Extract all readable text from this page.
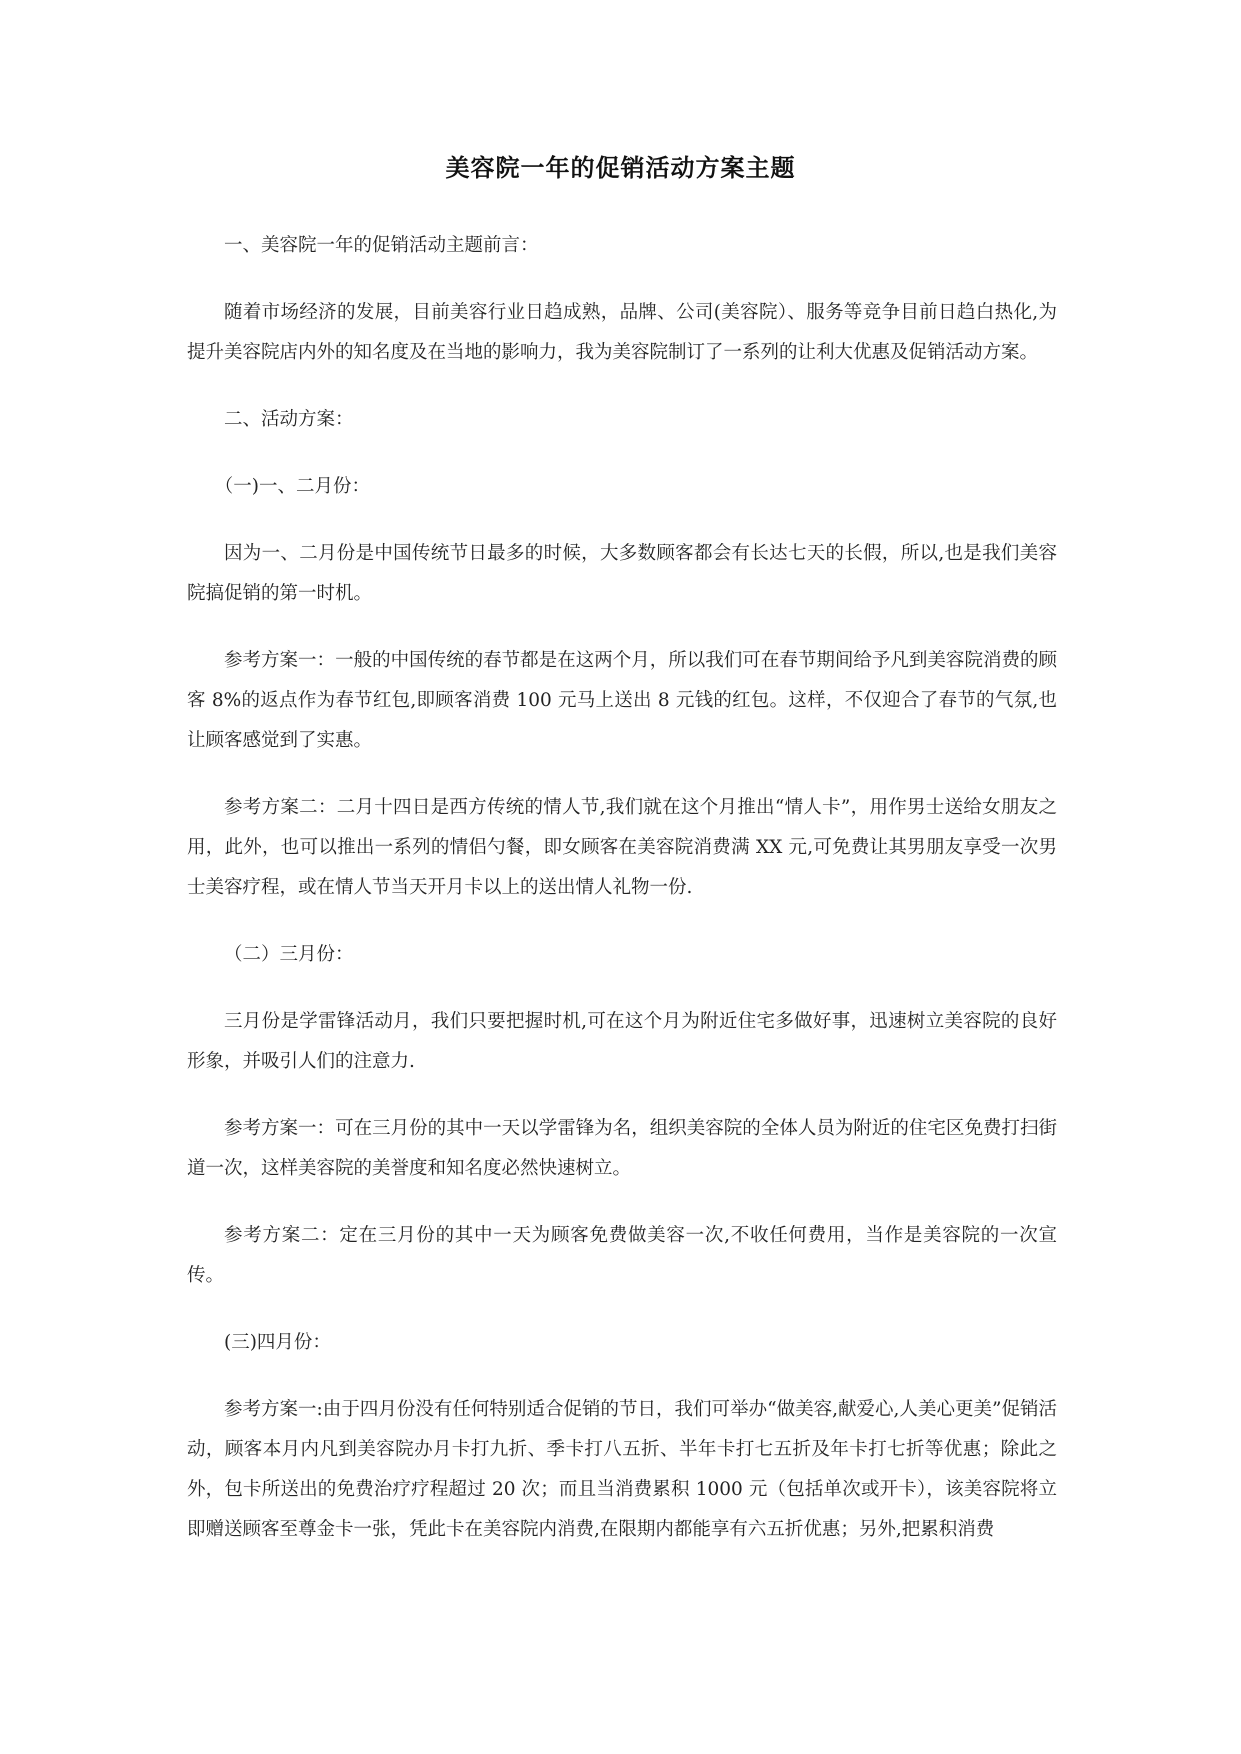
美容院一年的促销活动方案主题

一、美容院一年的促销活动主题前言：

随着市场经济的发展，目前美容行业日趋成熟，品牌、公司(美容院）、服务等竞争目前日趋白热化,为提升美容院店内外的知名度及在当地的影响力，我为美容院制订了一系列的让利大优惠及促销活动方案。

二、活动方案：

（一)一、二月份：

因为一、二月份是中国传统节日最多的时候，大多数顾客都会有长达七天的长假，所以,也是我们美容院搞促销的第一时机。

参考方案一：一般的中国传统的春节都是在这两个月，所以我们可在春节期间给予凡到美容院消费的顾客 8%的返点作为春节红包,即顾客消费 100 元马上送出 8 元钱的红包。这样，不仅迎合了春节的气氛,也让顾客感觉到了实惠。

参考方案二：二月十四日是西方传统的情人节,我们就在这个月推出“情人卡”，用作男士送给女朋友之用，此外，也可以推出一系列的情侣勺餐，即女顾客在美容院消费满 XX 元,可免费让其男朋友享受一次男士美容疗程，或在情人节当天开月卡以上的送出情人礼物一份.

（二）三月份：

三月份是学雷锋活动月，我们只要把握时机,可在这个月为附近住宅多做好事，迅速树立美容院的良好形象，并吸引人们的注意力.

参考方案一：可在三月份的其中一天以学雷锋为名，组织美容院的全体人员为附近的住宅区免费打扫街道一次，这样美容院的美誉度和知名度必然快速树立。

参考方案二：定在三月份的其中一天为顾客免费做美容一次,不收任何费用，当作是美容院的一次宣传。

(三)四月份：

参考方案一:由于四月份没有任何特别适合促销的节日，我们可举办“做美容,献爱心,人美心更美”促销活动，顾客本月内凡到美容院办月卡打九折、季卡打八五折、半年卡打七五折及年卡打七折等优惠；除此之外，包卡所送出的免费治疗疗程超过 20 次；而且当消费累积 1000 元（包括单次或开卡），该美容院将立即赠送顾客至尊金卡一张，凭此卡在美容院内消费,在限期内都能享有六五折优惠；另外,把累积消费
